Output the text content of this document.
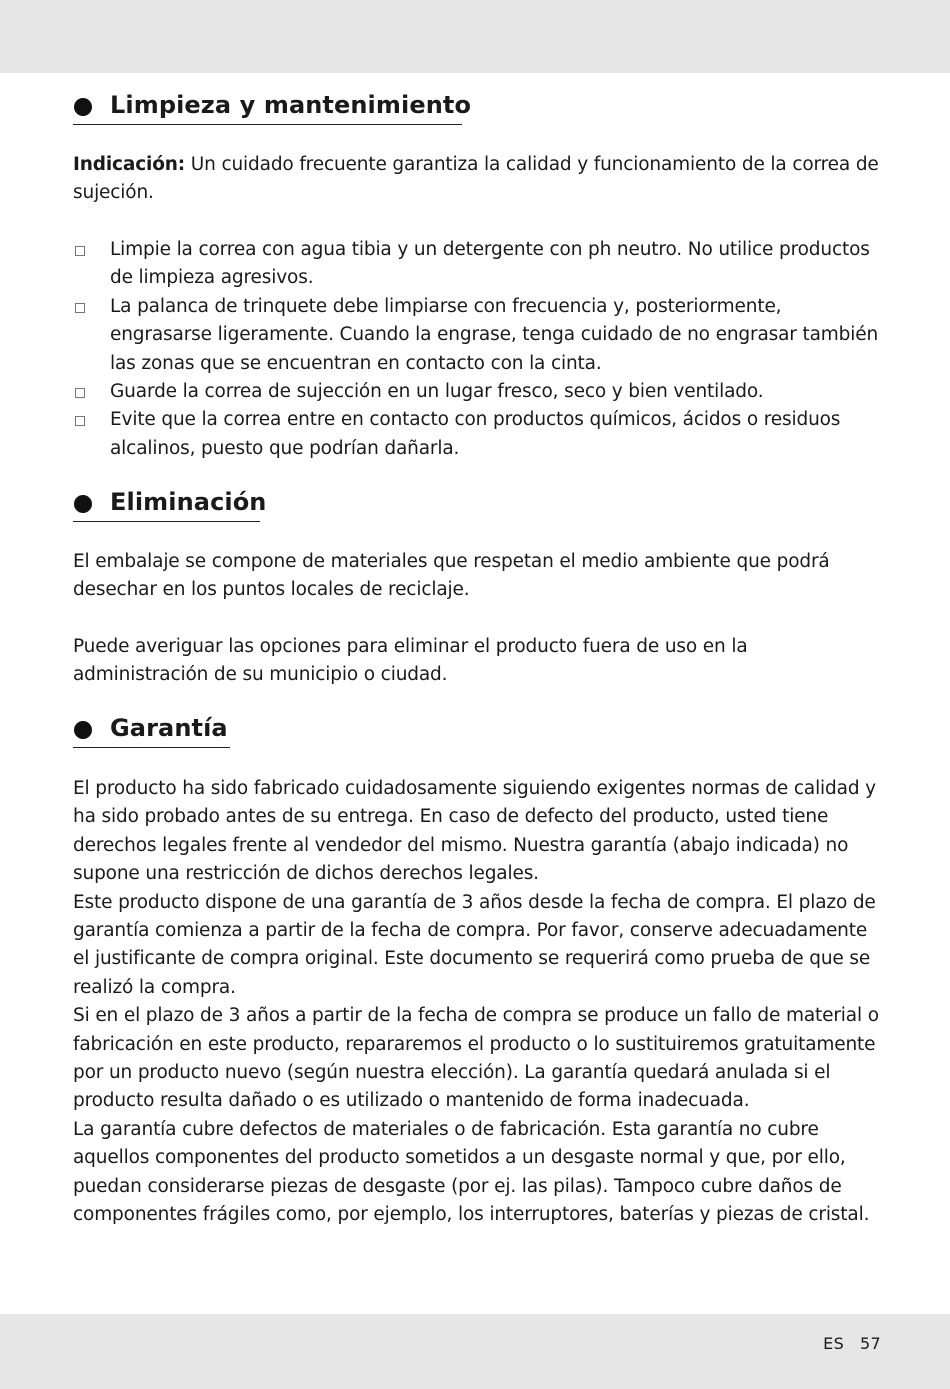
Limpieza y mantenimiento

Indicación: Un cuidado frecuente garantiza la calidad y funcionamiento de la correa de sujeción.

Limpie la correa con agua tibia y un detergente con ph neutro. No utilice productos de limpieza agresivos.
La palanca de trinquete debe limpiarse con frecuencia y, posteriormente, engrasarse ligeramente. Cuando la engrase, tenga cuidado de no engrasar también las zonas que se encuentran en contacto con la cinta.
Guarde la correa de sujección en un lugar fresco, seco y bien ventilado.
Evite que la correa entre en contacto con productos químicos, ácidos o residuos alcalinos, puesto que podrían dañarla.
Eliminación

El embalaje se compone de materiales que respetan el medio ambiente que podrá desechar en los puntos locales de reciclaje.

Puede averiguar las opciones para eliminar el producto fuera de uso en la administración de su municipio o ciudad.

Garantía
El producto ha sido fabricado cuidadosamente siguiendo exigentes normas de calidad y ha sido probado antes de su entrega. En caso de defecto del producto, usted tiene derechos legales frente al vendedor del mismo. Nuestra garantía (abajo indicada) no supone una restricción de dichos derechos legales.
Este producto dispone de una garantía de 3 años desde la fecha de compra. El plazo de garantía comienza a partir de la fecha de compra. Por favor, conserve adecuadamente el justificante de compra original. Este documento se requerirá como prueba de que se realizó la compra.
Si en el plazo de 3 años a partir de la fecha de compra se produce un fallo de material o fabricación en este producto, repararemos el producto o lo sustituiremos gratuitamente por un producto nuevo (según nuestra elección). La garantía quedará anulada si el producto resulta dañado o es utilizado o mantenido de forma inadecuada.
La garantía cubre defectos de materiales o de fabricación. Esta garantía no cubre aquellos componentes del producto sometidos a un desgaste normal y que, por ello, puedan considerarse piezas de desgaste (por ej. las pilas). Tampoco cubre daños de componentes frágiles como, por ejemplo, los interruptores, baterías y piezas de cristal.
ES 57
